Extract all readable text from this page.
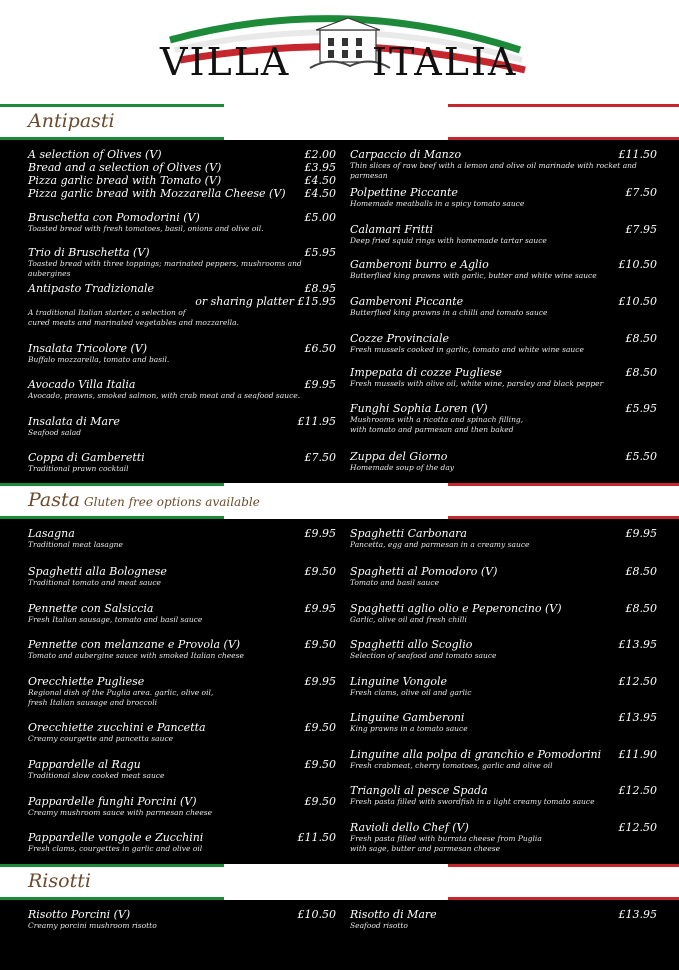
VILLA ITALIA
Antipasti
A selection of Olives (V)	£2.00
Bread and a selection of Olives (V)	£3.95
Pizza garlic bread with Tomato (V)	£4.50
Pizza garlic bread with Mozzarella Cheese (V)	£4.50
Bruschetta con Pomodorini (V)	£5.00
Toasted bread with fresh tomatoes, basil, onions and olive oil.
Trio di Bruschetta (V)	£5.95
Toasted bread with three toppings; marinated peppers, mushrooms and aubergines
Antipasto Tradizionale	£8.95
or sharing platter £15.95
A traditional Italian starter, a selection of
cured meats and marinated vegetables and mozzarella.
Insalata Tricolore (V)	£6.50
Buffalo mozzarella, tomato and basil.
Avocado Villa Italia	£9.95
Avocado, prawns, smoked salmon, with crab meat and a seafood sauce.
Insalata di Mare	£11.95
Seafood salad
Coppa di Gamberetti	£7.50
Traditional prawn cocktail
Carpaccio di Manzo	£11.50
Thin slices of raw beef with a lemon and olive oil marinade with rocket and parmesan
Polpettine Piccante	£7.50
Homemade meatballs in a spicy tomato sauce
Calamari Fritti	£7.95
Deep fried squid rings with homemade tartar sauce
Gamberoni burro e Aglio	£10.50
Butterflied king prawns with garlic, butter and white wine sauce
Gamberoni Piccante	£10.50
Butterflied king prawns in a chilli and tomato sauce
Cozze Provinciale	£8.50
Fresh mussels cooked in garlic, tomato and white wine sauce
Impepata di cozze Pugliese	£8.50
Fresh mussels with olive oil, white wine, parsley and black pepper
Funghi Sophia Loren (V)	£5.95
Mushrooms with a ricotta and spinach filling,
with tomato and parmesan and then baked
Zuppa del Giorno	£5.50
Homemade soup of the day
Pasta Gluten free options available
Lasagna	£9.95
Traditional meat lasagne
Spaghetti alla Bolognese	£9.50
Traditional tomato and meat sauce
Pennette con Salsiccia	£9.95
Fresh Italian sausage, tomato and basil sauce
Pennette con melanzane e Provola (V)	£9.50
Tomato and aubergine sauce with smoked Italian cheese
Orecchiette Pugliese	£9.95
Regional dish of the Puglia area. garlic, olive oil,
fresh Italian sausage and broccoli
Orecchiette zucchini e Pancetta	£9.50
Creamy courgette and pancetta sauce
Pappardelle al Ragu	£9.50
Traditional slow cooked meat sauce
Pappardelle funghi Porcini (V)	£9.50
Creamy mushroom sauce with parmesan cheese
Pappardelle vongole e Zucchini	£11.50
Fresh clams, courgettes in garlic and olive oil
Spaghetti Carbonara	£9.95
Pancetta, egg and parmesan in a creamy sauce
Spaghetti al Pomodoro (V)	£8.50
Tomato and basil sauce
Spaghetti aglio olio e Peperoncino (V)	£8.50
Garlic, olive oil and fresh chilli
Spaghetti allo Scoglio	£13.95
Selection of seafood and tomato sauce
Linguine Vongole	£12.50
Fresh clams, olive oil and garlic
Linguine Gamberoni	£13.95
King prawns in a tomato sauce
Linguine alla polpa di granchio e Pomodorini	£11.90
Fresh crabmeat, cherry tomatoes, garlic and olive oil
Triangoli al pesce Spada	£12.50
Fresh pasta filled with swordfish in a light creamy tomato sauce
Ravioli dello Chef (V)	£12.50
Fresh pasta filled with burrata cheese from Puglia
with sage, butter and parmesan cheese
Risotti
Risotto Porcini (V)	£10.50
Creamy porcini mushroom risotto
Risotto di Mare	£13.95
Seafood risotto
